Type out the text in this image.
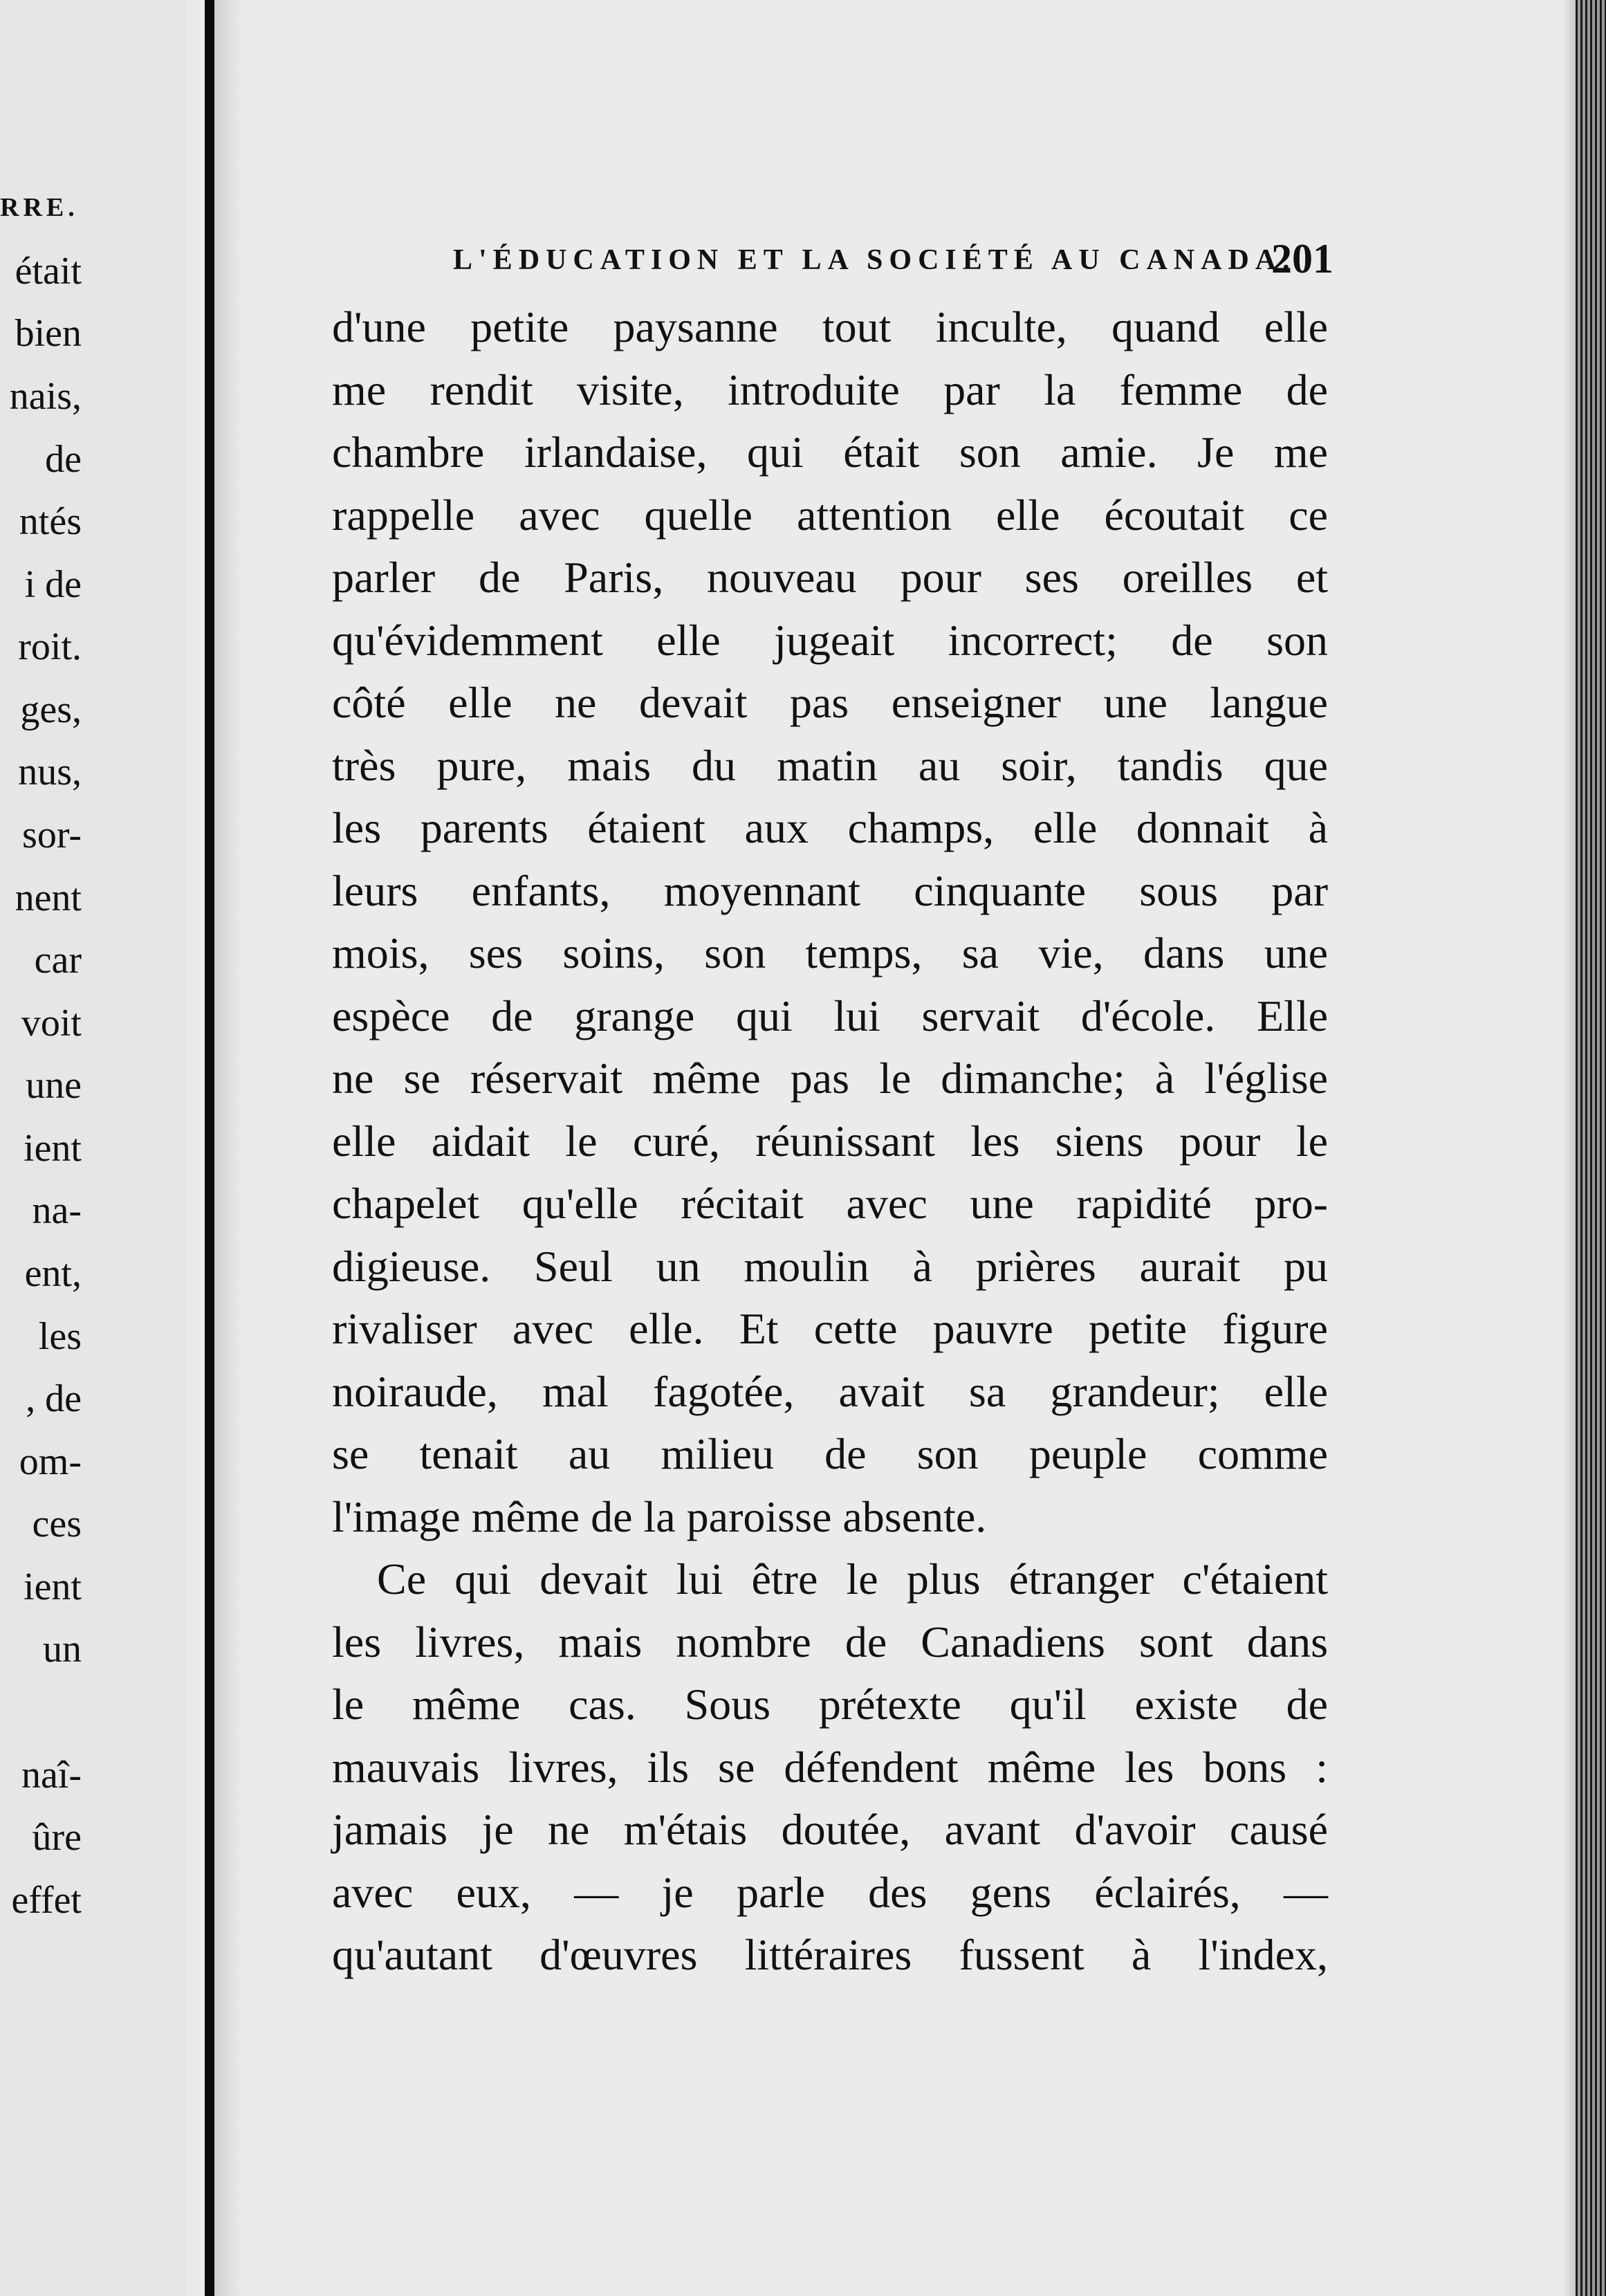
RRE.
était
bien
nais,
de
ntés
i de
roit.
ges,
nus,
sor-
nent
car
voit
une
ient
na-
ent,
les
, de
om-
ces
ient
un
naî-
ûre
effet
L'ÉDUCATION ET LA SOCIÉTÉ AU CANADA.
201
d'une petite paysanne tout inculte, quand elle
me rendit visite, introduite par la femme de
chambre irlandaise, qui était son amie. Je me
rappelle avec quelle attention elle écoutait ce
parler de Paris, nouveau pour ses oreilles et
qu'évidemment elle jugeait incorrect; de son
côté elle ne devait pas enseigner une langue
très pure, mais du matin au soir, tandis que
les parents étaient aux champs, elle donnait à
leurs enfants, moyennant cinquante sous par
mois, ses soins, son temps, sa vie, dans une
espèce de grange qui lui servait d'école. Elle
ne se réservait même pas le dimanche; à l'église
elle aidait le curé, réunissant les siens pour le
chapelet qu'elle récitait avec une rapidité pro-
digieuse. Seul un moulin à prières aurait pu
rivaliser avec elle. Et cette pauvre petite figure
noiraude, mal fagotée, avait sa grandeur; elle
se tenait au milieu de son peuple comme
l'image même de la paroisse absente.
Ce qui devait lui être le plus étranger c'étaient
les livres, mais nombre de Canadiens sont dans
le même cas. Sous prétexte qu'il existe de
mauvais livres, ils se défendent même les bons :
jamais je ne m'étais doutée, avant d'avoir causé
avec eux, — je parle des gens éclairés, —
qu'autant d'œuvres littéraires fussent à l'index,
